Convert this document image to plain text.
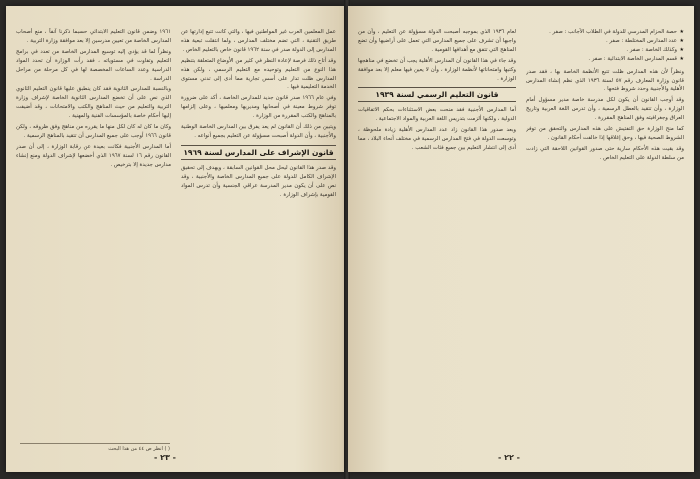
عمل المعلمين العرب غير المواطنين فيها ، والتي كانت تتبع إدارتها عن طريق التقنية ، التي تضم مختلف المدارس ، ولما انتقلت تبعية هذه المدارس إلى الدولة صدر في سنة ١٩٦٢ قانون خاص بالتعليم الخاص .

وقد أتاح ذلك فرصة لإعادة النظر في كثير من الأوضاع المتعلقة بتنظيم هذا النوع من التعليم وتوحيده مع التعليم الرسمي ، ولكن هذه المدارس ظلت تدار على أسس تجارية مما أدى إلى تدني مستوى الخدمة التعليمية فيها .

وفي عام ١٩٦٦ صدر قانون جديد للمدارس الخاصة ، أكد على ضرورة توفر شروط معينة في أصحابها ومديريها ومعلميها ، وعلى إلزامها بالمناهج والكتب المقررة من الوزارة .

ويتبين من ذلك أن القانون لم يعد يفرق بين المدارس الخاصة الوطنية والأجنبية ، وأن الدولة أصبحت مسؤولة عن التعليم بجميع أنواعه .

قانون الإشراف على المدارس لسنة ١٩٦٩

وقد صدر هذا القانون ليحل محل القوانين السابقة ، ويهدف إلى تحقيق الإشراف الكامل للدولة على جميع المدارس الخاصة والأجنبية ، وقد نص على أن يكون مدير المدرسة عراقي الجنسية وأن تدرس المواد القومية بإشراف الوزارة .

١٩٦١ وضمن قانون التعليم الابتدائي حسبما ذكرنا آنفاً ، منع أصحاب المدارس الخاصة من تعيين مدرسين إلا بعد موافقة وزارة التربية .

ونظراً لما قد يؤدي إليه توسيع المدارس الخاصة من تعدد في برامج التعليم وتفاوت في مستوياته ، فقد رأت الوزارة أن تحدد المواد الدراسية وعدد الساعات المخصصة لها في كل مرحلة من مراحل الدراسة .

وبالنسبة للمدارس الثانوية فقد كان ينطبق عليها قانون التعليم الثانوي الذي نص على أن تخضع المدارس الثانوية الخاصة لإشراف وزارة التربية والتعليم من حيث المناهج والكتب والامتحانات ، وقد أضيفت إليها أحكام خاصة بالمؤسسات الفنية والمهنية .

وكان ما كان له كان لكل منها ما يقرره من مناهج وفق ظروفه ، ولكن قانون ١٩٦٦ أوجب على جميع المدارس أن تتقيد بالمناهج الرسمية .

أما المدارس الأجنبية فكانت بعيدة عن رقابة الوزارة ، إلى أن صدر القانون رقم ١٦ لسنة ١٩٦٧ الذي أخضعها لإشراف الدولة ومنع إنشاء مدارس جديدة إلا بترخيص .

( ) انظر ص ٤٤ من هذا البحث
- ٢٣ -
★ حصة الحزام المدرسي للدولة في الطلاب الأجانب : صفر .
★ عدد المدارس المختلطة : صفر .
★ وكذلك الخاصة : صفر .
★ قسم المدارس الخاصة الابتدائية : صفر .

ونظراً لأن هذه المدارس ظلت تتبع الأنظمة الخاصة بها ، فقد صدر قانون وزارة المعارف رقم ٥٧ لسنة ١٩٣٦ الذي نظم إنشاء المدارس الأهلية والأجنبية وحدد شروط فتحها .

وقد أوجب القانون أن يكون لكل مدرسة خاصة مدير مسؤول أمام الوزارة ، وأن تتقيد بالعطل الرسمية ، وأن تدرس اللغة العربية وتاريخ العراق وجغرافيته وفق المناهج المقررة .

كما منح الوزارة حق التفتيش على هذه المدارس والتحقق من توفر الشروط الصحية فيها ، وحق إغلاقها إذا خالفت أحكام القانون .

وقد بقيت هذه الأحكام سارية حتى صدور القوانين اللاحقة التي زادت من سلطة الدولة على التعليم الخاص .

لعام ١٩٣٦ الذي بموجبه أصبحت الدولة مسؤولة عن التعليم ، وأن من واجبها أن تشرف على جميع المدارس التي تعمل على أراضيها وأن تضع المناهج التي تتفق مع أهدافها القومية .

وقد جاء في هذا القانون أن المدارس الأهلية يجب أن تخضع في مناهجها وكتبها وامتحاناتها لأنظمة الوزارة ، وأن لا يعين فيها معلم إلا بعد موافقة الوزارة .

قانون التعليم الرسمي لسنة ١٩٣٩

أما المدارس الأجنبية فقد منحت بعض الاستثناءات بحكم الاتفاقيات الدولية ، ولكنها ألزمت بتدريس اللغة العربية والمواد الاجتماعية .

وبعد صدور هذا القانون زاد عدد المدارس الأهلية زيادة ملحوظة ، وتوسعت الدولة في فتح المدارس الرسمية في مختلف أنحاء البلاد ، مما أدى إلى انتشار التعليم بين جميع فئات الشعب .

- ٢٢ -
